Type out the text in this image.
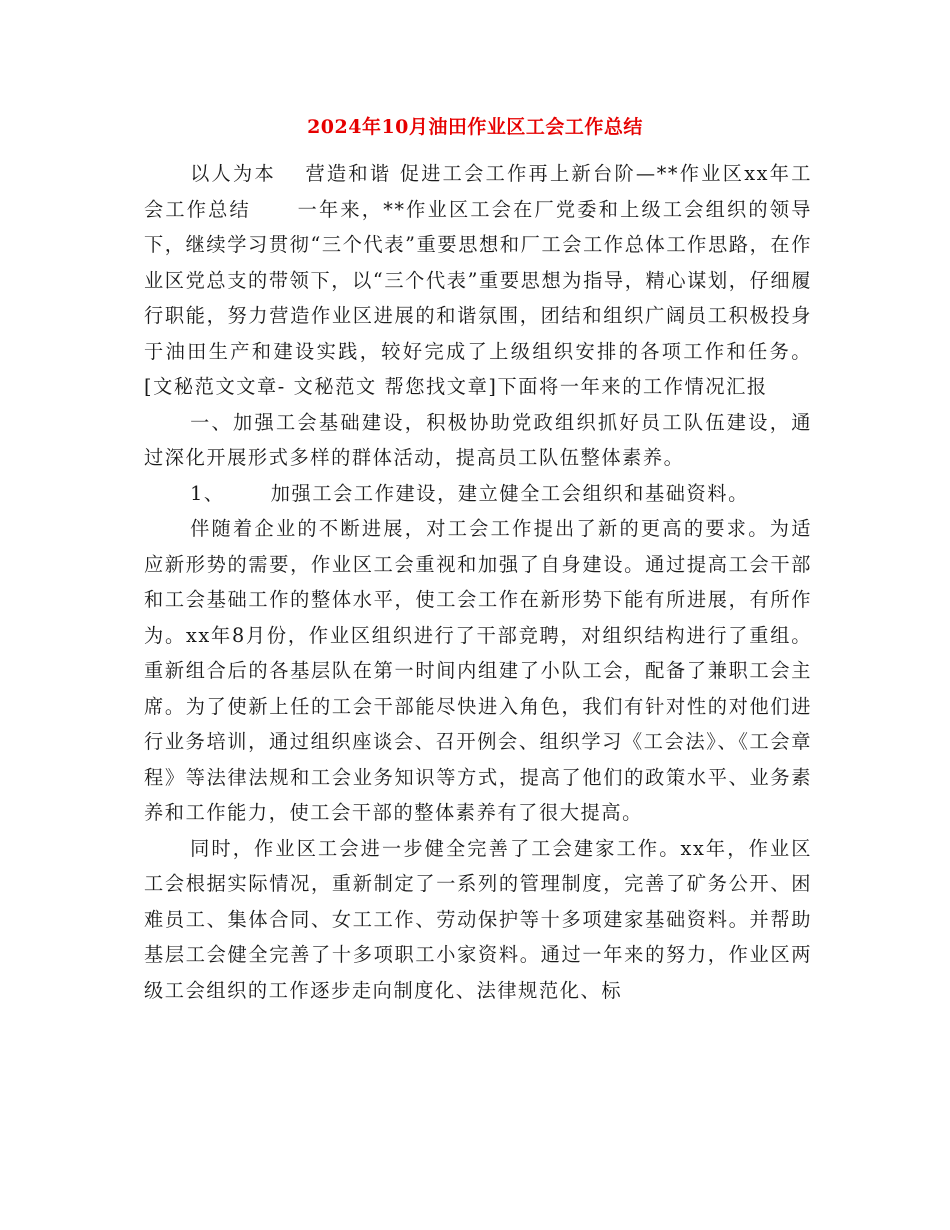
2024年10月油田作业区工会工作总结

以人为本 营造和谐 促进工会工作再上新台阶—**作业区xx年工会工作总结 一年来，**作业区工会在厂党委和上级工会组织的领导下，继续学习贯彻“三个代表”重要思想和厂工会工作总体工作思路，在作业区党总支的带领下，以“三个代表”重要思想为指导，精心谋划，仔细履行职能，努力营造作业区进展的和谐氛围，团结和组织广阔员工积极投身于油田生产和建设实践，较好完成了上级组织安排的各项工作和任务。[文秘范文文章- 文秘范文 帮您找文章]下面将一年来的工作情况汇报

一、加强工会基础建设，积极协助党政组织抓好员工队伍建设，通过深化开展形式多样的群体活动，提高员工队伍整体素养。

1、 加强工会工作建设，建立健全工会组织和基础资料。

伴随着企业的不断进展，对工会工作提出了新的更高的要求。为适应新形势的需要，作业区工会重视和加强了自身建设。通过提高工会干部和工会基础工作的整体水平，使工会工作在新形势下能有所进展，有所作为。xx年8月份，作业区组织进行了干部竞聘，对组织结构进行了重组。重新组合后的各基层队在第一时间内组建了小队工会，配备了兼职工会主席。为了使新上任的工会干部能尽快进入角色，我们有针对性的对他们进行业务培训，通过组织座谈会、召开例会、组织学习《工会法》、《工会章程》等法律法规和工会业务知识等方式，提高了他们的政策水平、业务素养和工作能力，使工会干部的整体素养有了很大提高。

同时，作业区工会进一步健全完善了工会建家工作。xx年，作业区工会根据实际情况，重新制定了一系列的管理制度，完善了矿务公开、困难员工、集体合同、女工工作、劳动保护等十多项建家基础资料。并帮助基层工会健全完善了十多项职工小家资料。通过一年来的努力，作业区两级工会组织的工作逐步走向制度化、法律规范化、标
